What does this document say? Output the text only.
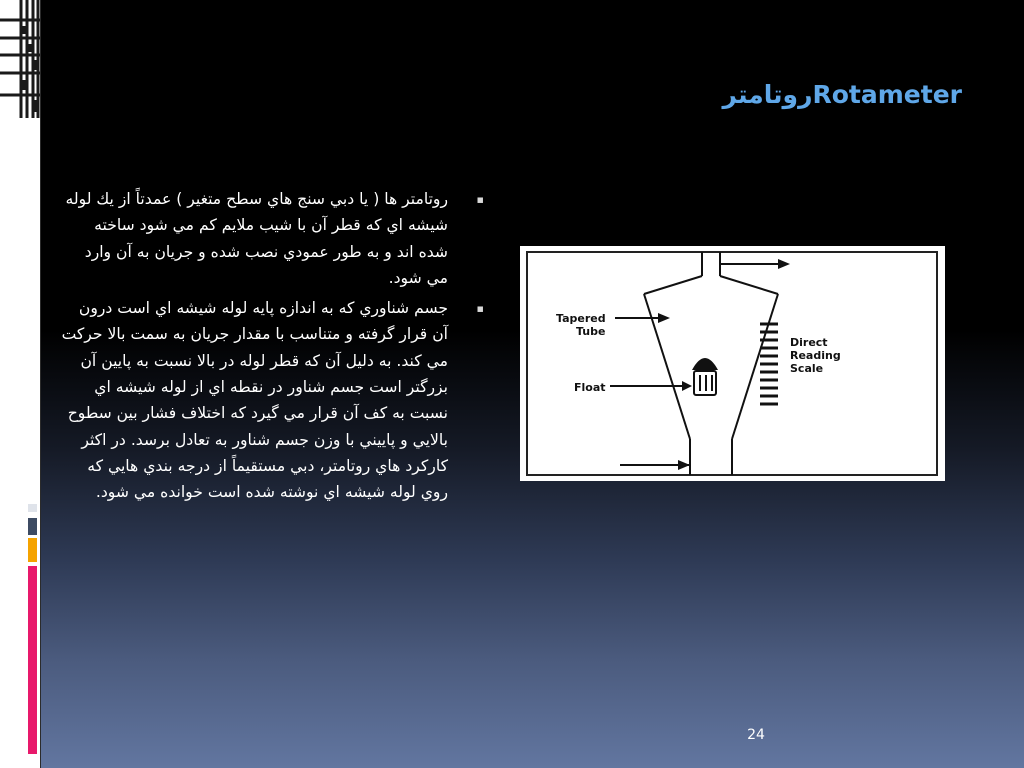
روتامترRotameter
▪
روتامتر ها ( يا دبي سنج هاي سطح متغير ) عمدتاً از يك لوله شيشه اي كه قطر آن با شيب ملايم كم مي شود ساخته شده اند و به طور عمودي نصب شده و جريان به آن وارد مي شود.
▪
جسم شناوري كه به اندازه پايه لوله شيشه اي است درون آن قرار گرفته و متناسب با مقدار جريان به سمت بالا حركت مي كند. به دليل آن كه قطر لوله در بالا نسبت به پايين آن بزرگتر است جسم شناور در نقطه اي از لوله شيشه اي نسبت به كف آن قرار مي گيرد كه اختلاف فشار بين سطوح بالايي و پاييني با وزن جسم شناور به تعادل برسد. در اكثر كاركرد هاي روتامتر، دبي مستقيماً از درجه بندي هايي كه روي لوله شيشه اي نوشته شده است خوانده مي شود.
Tapered
Tube
Float
Direct
Reading
Scale
24
